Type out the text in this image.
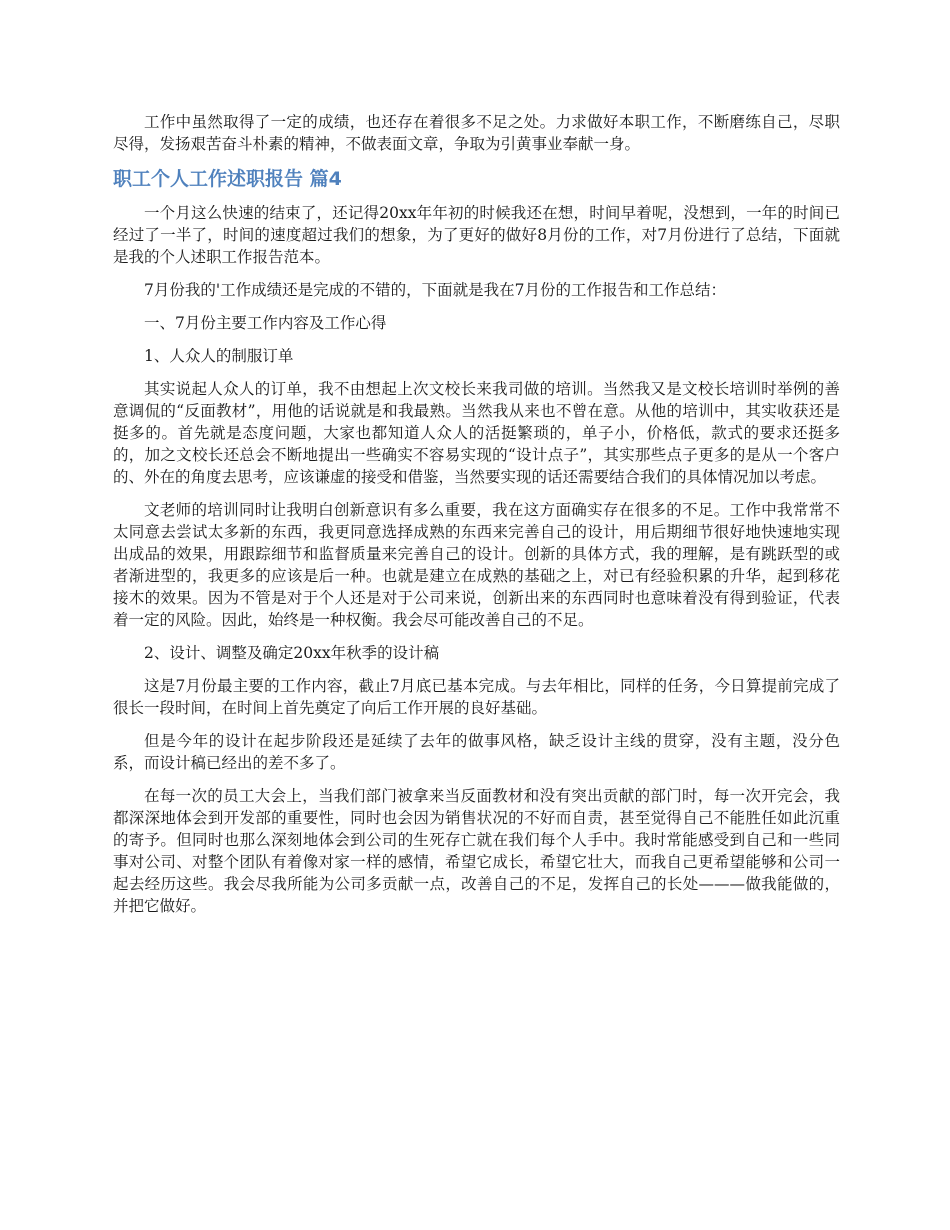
工作中虽然取得了一定的成绩，也还存在着很多不足之处。力求做好本职工作，不断磨练自己，尽职尽得，发扬艰苦奋斗朴素的精神，不做表面文章，争取为引黄事业奉献一身。

职工个人工作述职报告 篇4

一个月这么快速的结束了，还记得20xx年年初的时候我还在想，时间早着呢，没想到，一年的时间已经过了一半了，时间的速度超过我们的想象，为了更好的做好8月份的工作，对7月份进行了总结，下面就是我的个人述职工作报告范本。

7月份我的'工作成绩还是完成的不错的，下面就是我在7月份的工作报告和工作总结：

一、7月份主要工作内容及工作心得

1、人众人的制服订单

其实说起人众人的订单，我不由想起上次文校长来我司做的培训。当然我又是文校长培训时举例的善意调侃的“反面教材”，用他的话说就是和我最熟。当然我从来也不曾在意。从他的培训中，其实收获还是挺多的。首先就是态度问题，大家也都知道人众人的活挺繁琐的，单子小，价格低，款式的要求还挺多的，加之文校长还总会不断地提出一些确实不容易实现的“设计点子”，其实那些点子更多的是从一个客户的、外在的角度去思考，应该谦虚的接受和借鉴，当然要实现的话还需要结合我们的具体情况加以考虑。

文老师的培训同时让我明白创新意识有多么重要，我在这方面确实存在很多的不足。工作中我常常不太同意去尝试太多新的东西，我更同意选择成熟的东西来完善自己的设计，用后期细节很好地快速地实现出成品的效果，用跟踪细节和监督质量来完善自己的设计。创新的具体方式，我的理解，是有跳跃型的或者渐进型的，我更多的应该是后一种。也就是建立在成熟的基础之上，对已有经验积累的升华，起到移花接木的效果。因为不管是对于个人还是对于公司来说，创新出来的东西同时也意味着没有得到验证，代表着一定的风险。因此，始终是一种权衡。我会尽可能改善自己的不足。

2、设计、调整及确定20xx年秋季的设计稿

这是7月份最主要的工作内容，截止7月底已基本完成。与去年相比，同样的任务，今日算提前完成了很长一段时间，在时间上首先奠定了向后工作开展的良好基础。

但是今年的设计在起步阶段还是延续了去年的做事风格，缺乏设计主线的贯穿，没有主题，没分色系，而设计稿已经出的差不多了。

在每一次的员工大会上，当我们部门被拿来当反面教材和没有突出贡献的部门时，每一次开完会，我都深深地体会到开发部的重要性，同时也会因为销售状况的不好而自责，甚至觉得自己不能胜任如此沉重的寄予。但同时也那么深刻地体会到公司的生死存亡就在我们每个人手中。我时常能感受到自己和一些同事对公司、对整个团队有着像对家一样的感情，希望它成长，希望它壮大，而我自己更希望能够和公司一起去经历这些。我会尽我所能为公司多贡献一点，改善自己的不足，发挥自己的长处———做我能做的，并把它做好。
